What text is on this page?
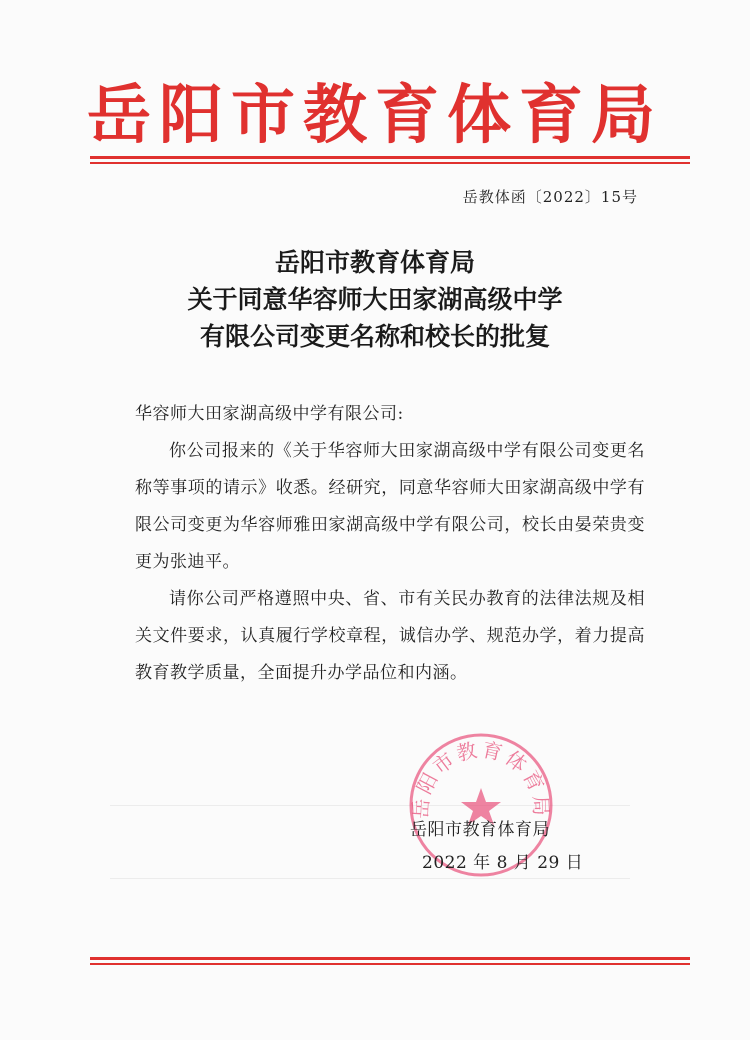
岳阳市教育体育局
岳教体函〔2022〕15号
岳阳市教育体育局
关于同意华容师大田家湖高级中学
有限公司变更名称和校长的批复

华容师大田家湖高级中学有限公司:

你公司报来的《关于华容师大田家湖高级中学有限公司变更名称等事项的请示》收悉。经研究，同意华容师大田家湖高级中学有限公司变更为华容师雅田家湖高级中学有限公司，校长由晏荣贵变更为张迪平。

请你公司严格遵照中央、省、市有关民办教育的法律法规及相关文件要求，认真履行学校章程，诚信办学、规范办学，着力提高教育教学质量，全面提升办学品位和内涵。

岳阳市教育体育局
岳阳市教育体育局
2022 年 8 月 29 日
